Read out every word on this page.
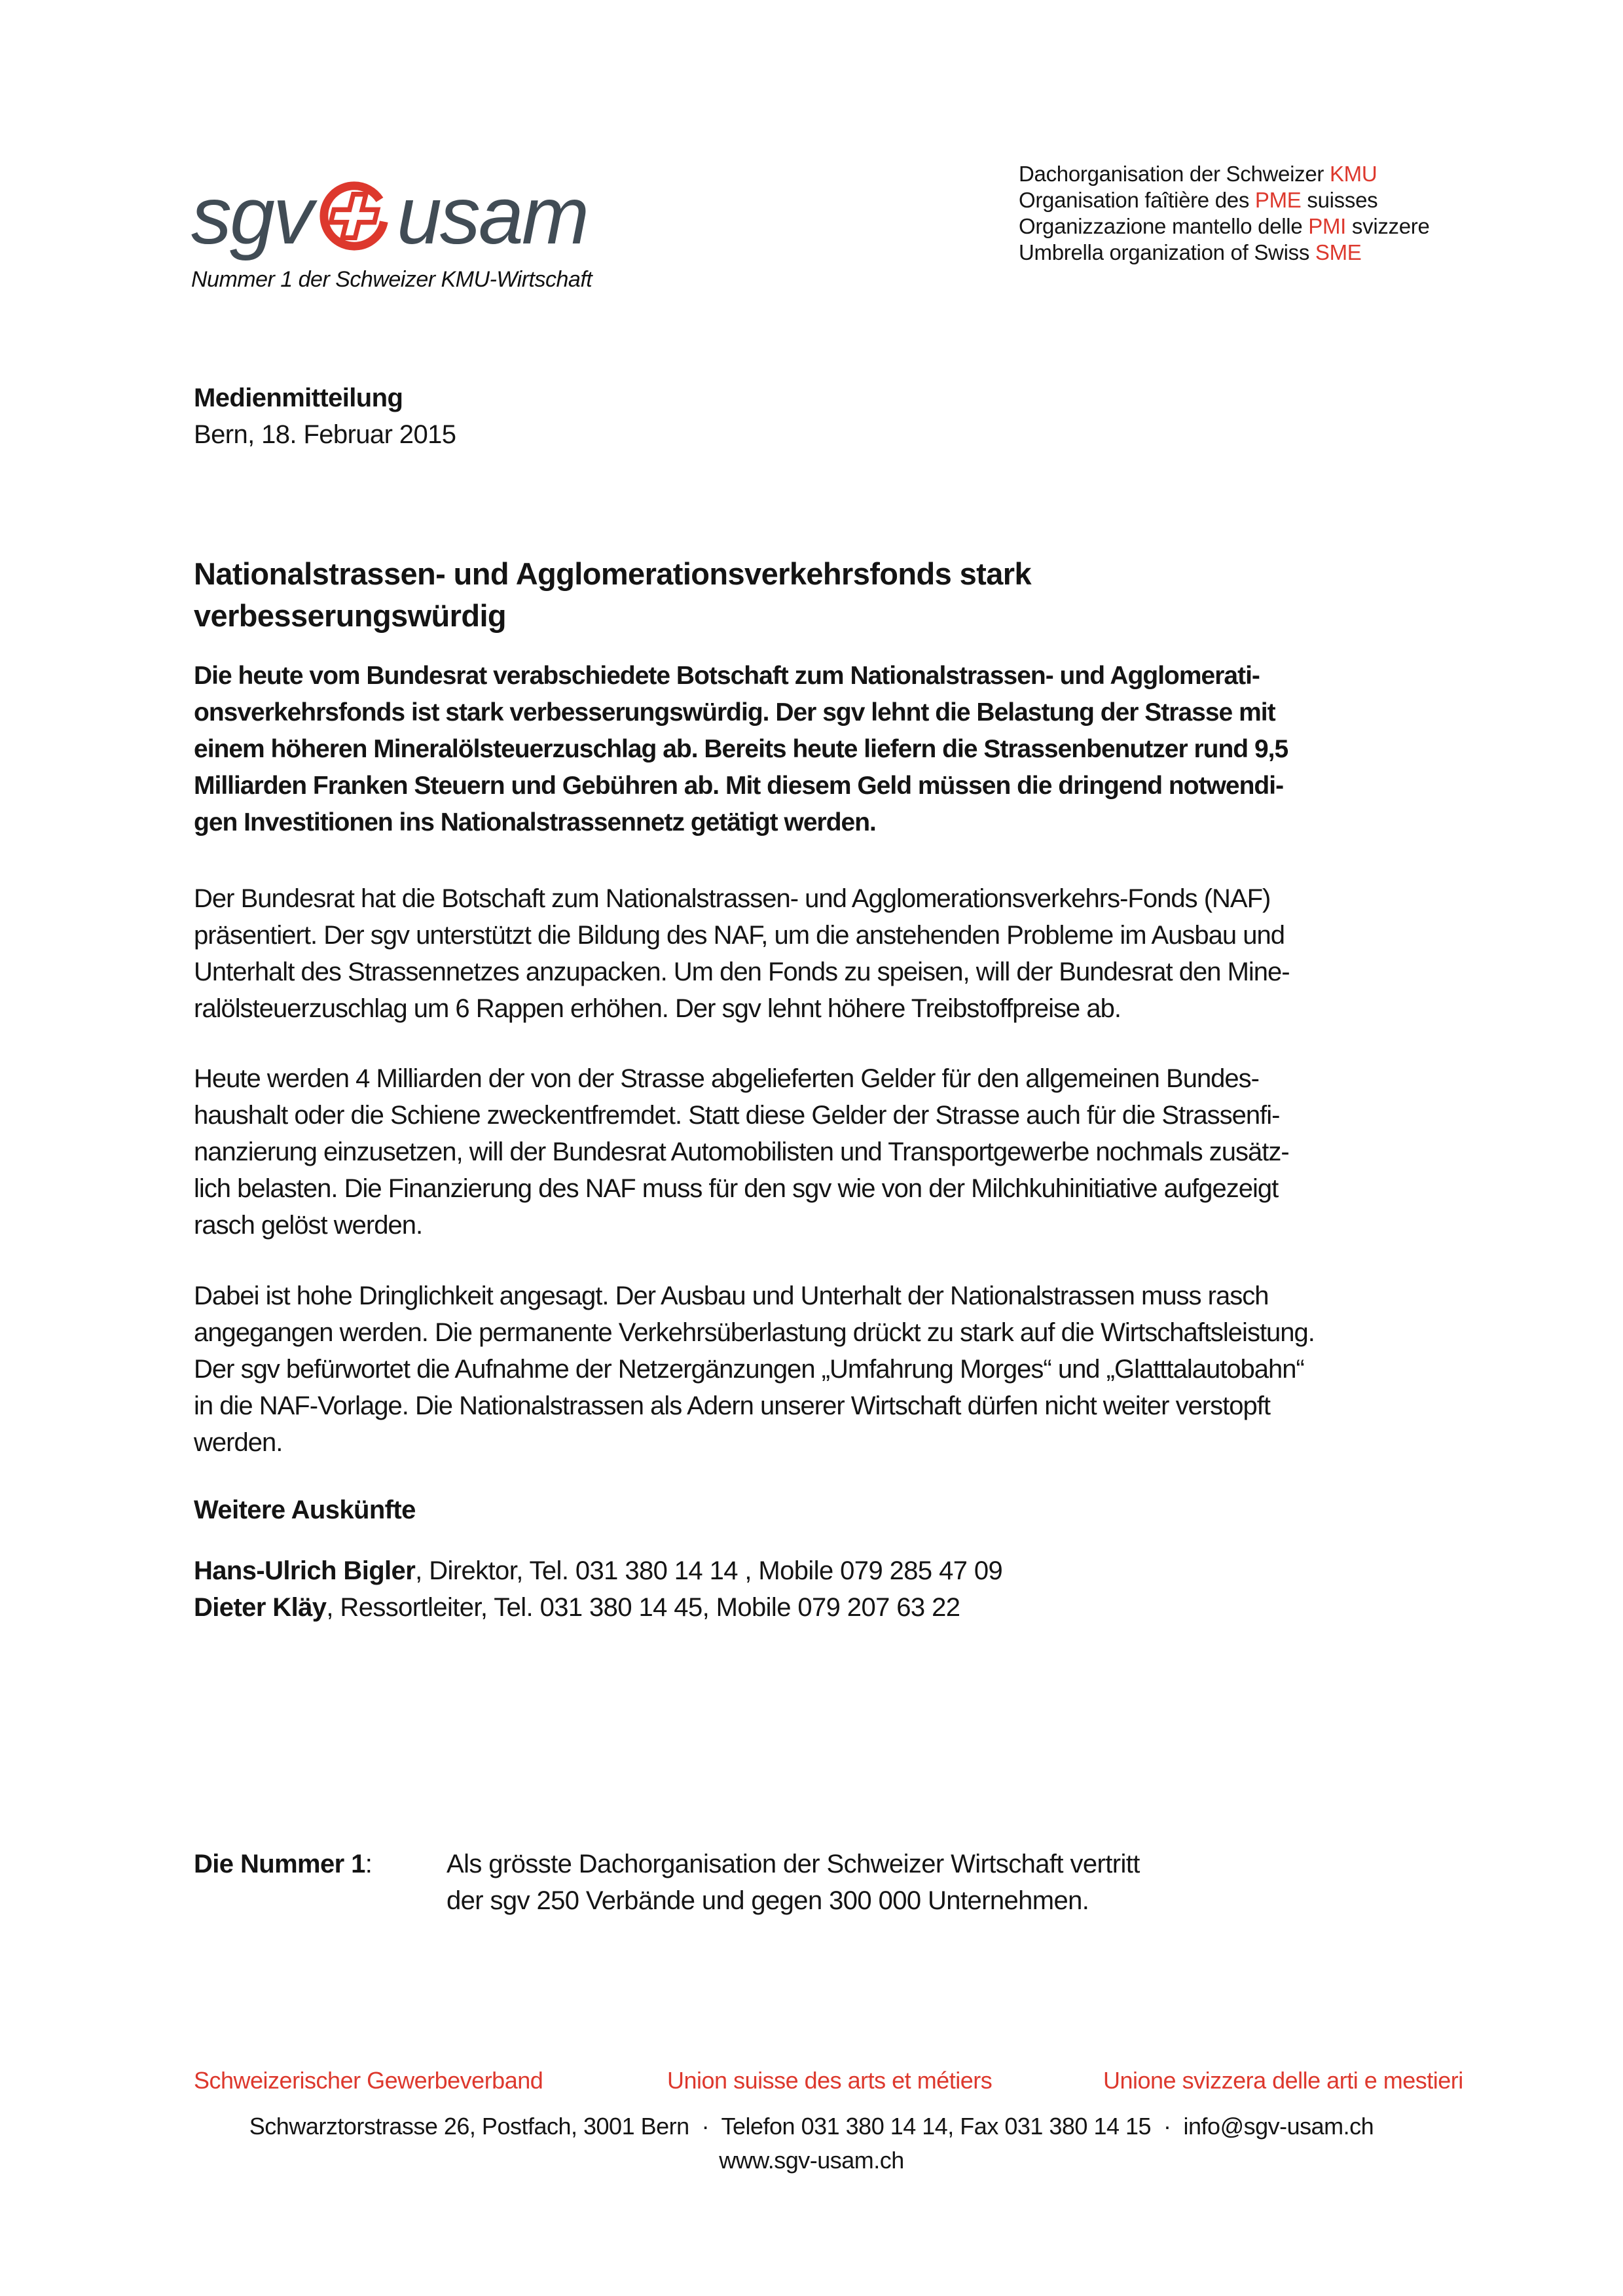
sgv usam
Nummer 1 der Schweizer KMU-Wirtschaft
Dachorganisation der Schweizer KMU
Organisation faîtière des PME suisses
Organizzazione mantello delle PMI svizzere
Umbrella organization of Swiss SME
Medienmitteilung
Bern, 18. Februar 2015
Nationalstrassen- und Agglomerationsverkehrsfonds stark
verbesserungswürdig
Die heute vom Bundesrat verabschiedete Botschaft zum Nationalstrassen- und Agglomerati-
onsverkehrsfonds ist stark verbesserungswürdig. Der sgv lehnt die Belastung der Strasse mit
einem höheren Mineralölsteuerzuschlag ab. Bereits heute liefern die Strassenbenutzer rund 9,5
Milliarden Franken Steuern und Gebühren ab. Mit diesem Geld müssen die dringend notwendi-
gen Investitionen ins Nationalstrassennetz getätigt werden.
Der Bundesrat hat die Botschaft zum Nationalstrassen- und Agglomerationsverkehrs-Fonds (NAF)
präsentiert. Der sgv unterstützt die Bildung des NAF, um die anstehenden Probleme im Ausbau und
Unterhalt des Strassennetzes anzupacken. Um den Fonds zu speisen, will der Bundesrat den Mine-
ralölsteuerzuschlag um 6 Rappen erhöhen. Der sgv lehnt höhere Treibstoffpreise ab.
Heute werden 4 Milliarden der von der Strasse abgelieferten Gelder für den allgemeinen Bundes-
haushalt oder die Schiene zweckentfremdet. Statt diese Gelder der Strasse auch für die Strassenfi-
nanzierung einzusetzen, will der Bundesrat Automobilisten und Transportgewerbe nochmals zusätz-
lich belasten. Die Finanzierung des NAF muss für den sgv wie von der Milchkuhinitiative aufgezeigt
rasch gelöst werden.
Dabei ist hohe Dringlichkeit angesagt. Der Ausbau und Unterhalt der Nationalstrassen muss rasch
angegangen werden. Die permanente Verkehrsüberlastung drückt zu stark auf die Wirtschaftsleistung.
Der sgv befürwortet die Aufnahme der Netzergänzungen „Umfahrung Morges“ und „Glatttalautobahn“
in die NAF-Vorlage. Die Nationalstrassen als Adern unserer Wirtschaft dürfen nicht weiter verstopft
werden.
Weitere Auskünfte
Hans-Ulrich Bigler, Direktor, Tel. 031 380 14 14 , Mobile 079 285 47 09
Dieter Kläy, Ressortleiter, Tel. 031 380 14 45, Mobile 079 207 63 22
Die Nummer 1:	Als grösste Dachorganisation der Schweizer Wirtschaft vertritt
der sgv 250 Verbände und gegen 300 000 Unternehmen.
Schweizerischer Gewerbeverband	Union suisse des arts et métiers	Unione svizzera delle arti e mestieri
Schwarztorstrasse 26, Postfach, 3001 Bern  ·  Telefon 031 380 14 14, Fax 031 380 14 15  ·  info@sgv-usam.ch
www.sgv-usam.ch
